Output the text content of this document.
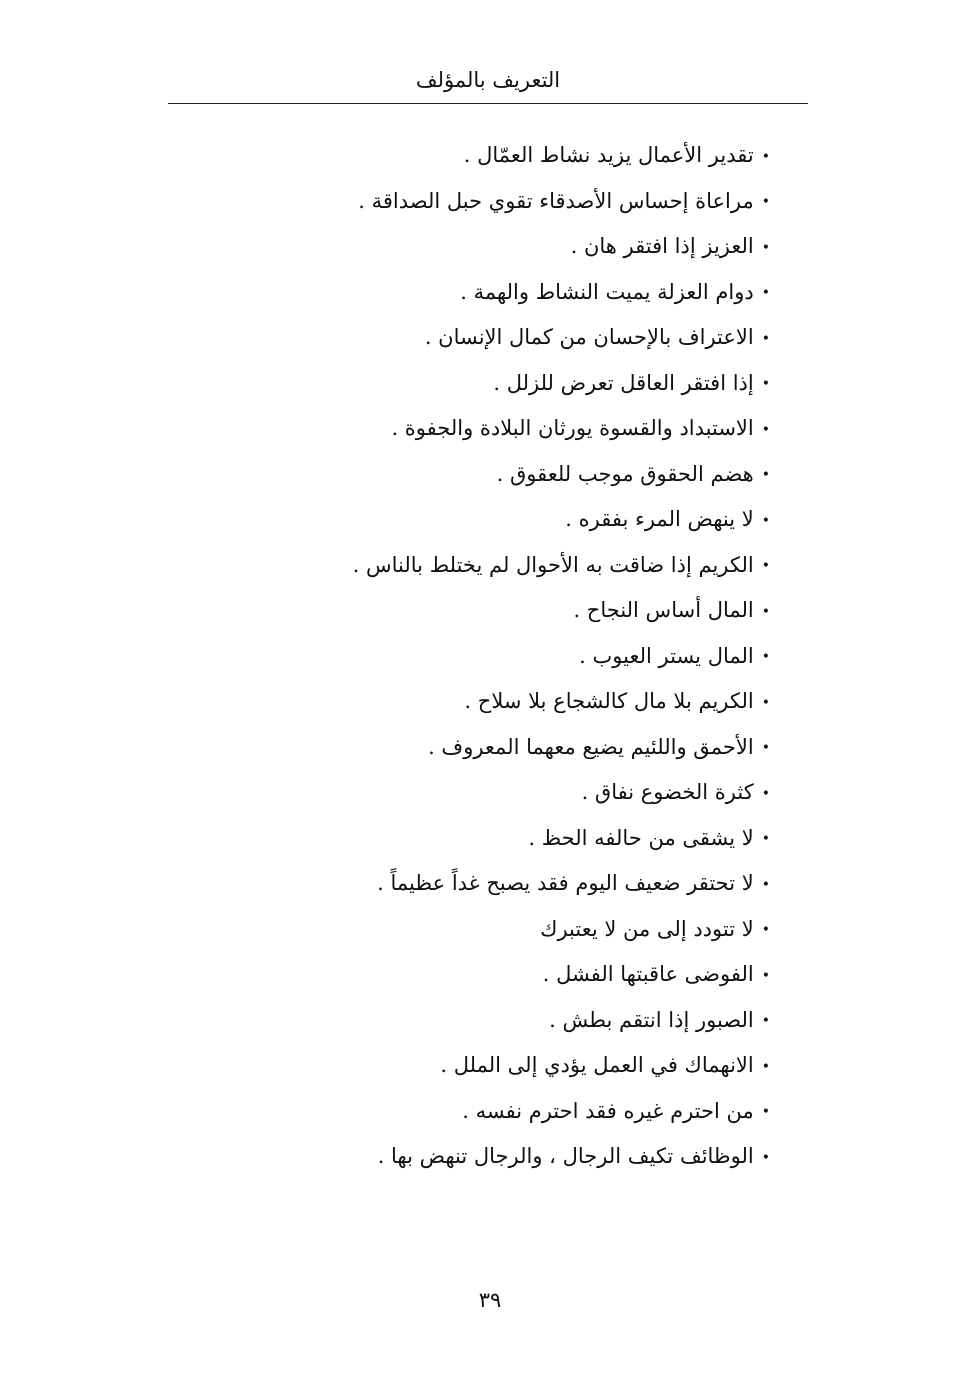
التعريف بالمؤلف
•تقدير الأعمال يزيد نشاط العمّال .
•مراعاة إحساس الأصدقاء تقوي حبل الصداقة .
•العزيز إذا افتقر هان .
•دوام العزلة يميت النشاط والهمة .
•الاعتراف بالإحسان من كمال الإنسان .
•إذا افتقر العاقل تعرض للزلل .
•الاستبداد والقسوة يورثان البلادة والجفوة .
•هضم الحقوق موجب للعقوق .
•لا ينهض المرء بفقره .
•الكريم إذا ضاقت به الأحوال لم يختلط بالناس .
•المال أساس النجاح .
•المال يستر العيوب .
•الكريم بلا مال كالشجاع بلا سلاح .
•الأحمق واللئيم يضيع معهما المعروف .
•كثرة الخضوع نفاق .
•لا يشقى من حالفه الحظ .
•لا تحتقر ضعيف اليوم فقد يصبح غداً عظيماً .
•لا تتودد إلى من لا يعتبرك
•الفوضى عاقبتها الفشل .
•الصبور إذا انتقم بطش .
•الانهماك في العمل يؤدي إلى الملل .
•من احترم غيره فقد احترم نفسه .
•الوظائف تكيف الرجال ، والرجال تنهض بها .
٣٩
